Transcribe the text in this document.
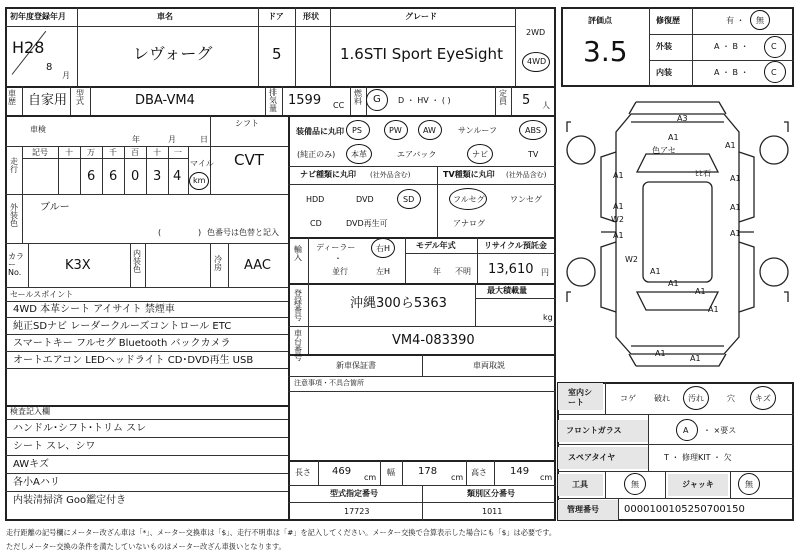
初年度登録年月	車名	ドア 形状	グレード
H28
8
月
レヴォーグ	5	1.6STI Sport EyeSight
2WD
4WD
車歴 自家用 型式	DBA-VM4
排気量
1599 CC
燃料 G D ・ HV ・ ( )
定員 5 人
車検
年	月	日
シフト
CVT
走行
記号 十 万 千 百 十 一
6 6 0 3 4
マイル
km
外装色
ブルー
(	) 色番号は色替と記入
カラーNo.	K3X
内装色
冷房 AAC
セールスポイント
4WD 本革シート アイサイト 禁煙車
純正SDナビ レーダークルーズコントロール ETC
スマートキー フルセグ Bluetooth バックカメラ
オートエアコン LEDヘッドライト CD･DVD再生 USB
検査記入欄
ハンドル･シフト･トリム スレ
シート スレ、シワ
AWキズ
各小Aハリ
内装清掃済 Goo鑑定付き
装備品に丸印
(純正のみ)
PS	PW	AW	サンルーフ	ABS
本革	エアバック	ナビ	TV
ナビ種類に丸印 (社外品含む)
HDD	DVD	SD
CD	DVD再生可
TV種類に丸印 (社外品含む)
フルセグ	ワンセグ
アナログ
輸入
ディーラー
・
並行
右H
左H
モデル年式
年 不明
リサイクル預託金
13,610 円
登録番号
沖縄300ら5363
最大積載量
kg
車台番号
VM4-083390
新車保証書	車両取説
注意事項・不具合箇所
長さ 469
cm
幅 178
cm
高さ 149
cm
型式指定番号
17723
類別区分番号
1011
評価点
3.5
修復歴	有 ・ 無
外装	A ・ B ・	C
内装	A ・ B ・	C
A3
A1
色アセ
ﾋﾋ石
A1
A1
A1
A1
A1
A1
W2
A1
W2
A1
A1
A1
A1
A1
A1
室内シート	コゲ 破れ 汚れ	穴	キズ
フロントガラス	A ・ ×要ス
スペアタイヤ	T ・ 修理KIT ・ 欠
工具	無	ジャッキ	無
管理番号	0000100105250700150
走行距離の記号欄にメーター改ざん車は「*」、メーター交換車は「$」、走行不明車は「#」を記入してください。メーター交換で合算表示した場合にも「$」は必要です。
ただしメーター交換の条件を満たしていないものはメーター改ざん車扱いとなります。
